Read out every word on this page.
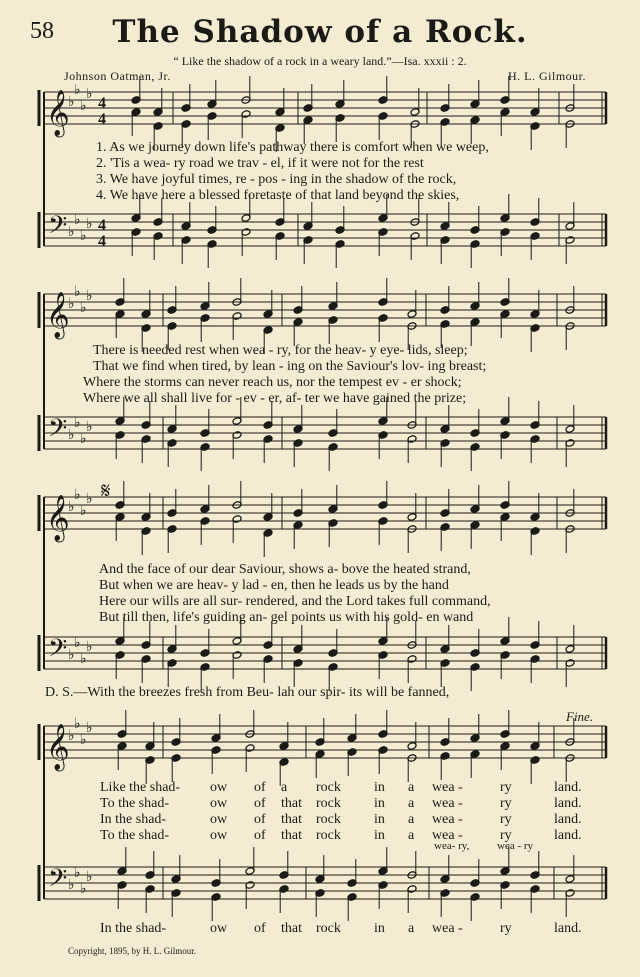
58	The Shadow of a Rock.
“ Like the shadow of a rock in a weary land.”—Isa. xxxii : 2.
Johnson Oatman, Jr.	H. L. Gilmour.
4
4
4
4
𝄞
𝄢
♭
♭
♭
♭
♭
♭
♭
♭
𝄞
𝄢
♭
♭
♭
♭
♭
♭
♭
♭
𝄞
𝄢
♭
♭
♭
♭
♭
♭
♭
♭
𝄞
𝄢
♭
♭
♭
♭
♭
♭
♭
♭
1. As we journey down life's pathway there is comfort when we weep,
2. 'Tis a wea- ry road we trav - el, if it were not for the rest
3. We have joyful times, re - pos - ing in the shadow of the rock,
4. We have here a blessed foretaste of that land beyond the skies,
There is needed rest when wea - ry, for the heav- y eye- lids, sleep;
That we find when tired, by lean - ing on the Saviour's lov- ing breast;
Where the storms can never reach us, nor the tempest ev - er shock;
Where we all shall live for - ev - er, af- ter we have gained the prize;
𝄋
And the face of our dear Saviour, shows a- bove the heated strand,
But when we are heav- y lad - en, then he leads us by the hand
Here our wills are all sur- rendered, and the Lord takes full command,
But till then, life's guiding an- gel points us with his gold- en wand
D. S.—With the breezes fresh from Beu- lah our spir- its will be fanned,
Fine.
Like the shad- ow of a rock in a wea -	ry	land.
To the shad-	ow of that rock in a wea -	ry	land.
In the shad-	ow of that rock in a wea -	ry	land.
To the shad-	ow of that rock in a wea -	ry	land.
wea- ry,	wea - ry
In the shad-	ow of that rock in a wea -	ry	land.
Copyright, 1895, by H. L. Gilmour.
